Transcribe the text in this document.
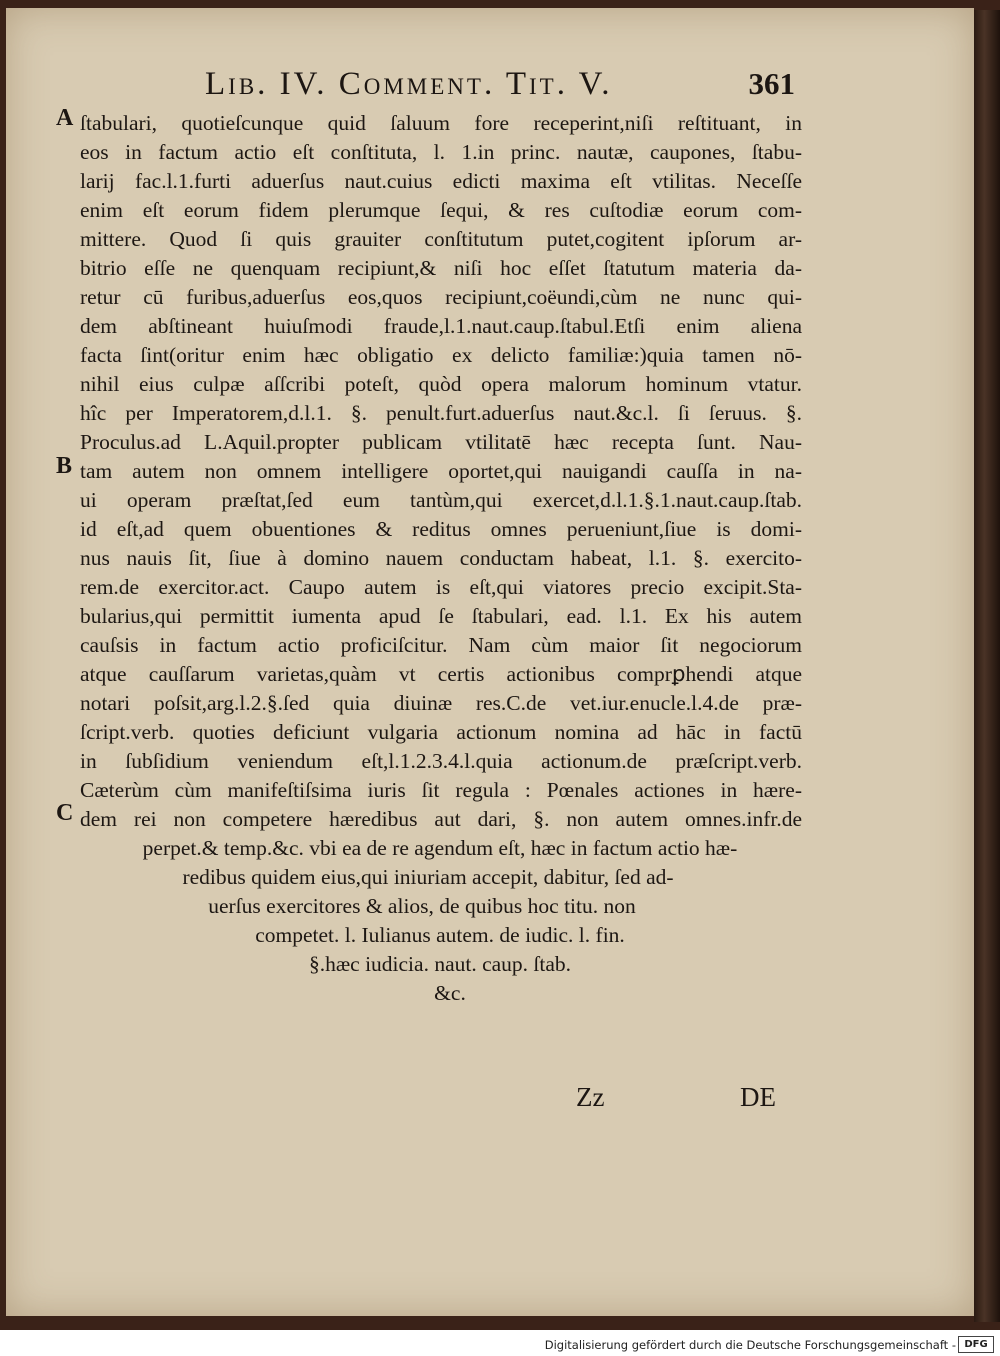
Lib. IV. Comment. Tit. V.	361
A
B
C
ſtabulari, quotieſcunque quid ſaluum fore receperint,niſi reſtituant, in
eos in factum actio eſt conſtituta, l. 1.in princ. nautæ, caupones, ſtabu-
larij fac.l.1.furti aduerſus naut.cuius edicti maxima eſt vtilitas. Neceſſe
enim eſt eorum fidem plerumque ſequi, & res cuſtodiæ eorum com-
mittere. Quod ſi quis grauiter conſtitutum putet,cogitent ipſorum ar-
bitrio eſſe ne quenquam recipiunt,& niſi hoc eſſet ſtatutum materia da-
retur cū furibus,aduerſus eos,quos recipiunt,coëundi,cùm ne nunc qui-
dem abſtineant huiuſmodi fraude,l.1.naut.caup.ſtabul.Etſi enim aliena
facta ſint(oritur enim hæc obligatio ex delicto familiæ:)quia tamen nō-
nihil eius culpæ aſſcribi poteſt, quòd opera malorum hominum vtatur.
hîc per Imperatorem,d.l.1. §. penult.furt.aduerſus naut.&c.l. ſi ſeruus. §.
Proculus.ad L.Aquil.propter publicam vtilitatē hæc recepta ſunt. Nau-
tam autem non omnem intelligere oportet,qui nauigandi cauſſa in na-
ui operam præſtat,ſed eum tantùm,qui exercet,d.l.1.§.1.naut.caup.ſtab.
id eſt,ad quem obuentiones & reditus omnes perueniunt,ſiue is domi-
nus nauis ſit, ſiue à domino nauem conductam habeat, l.1. §. exercito-
rem.de exercitor.act. Caupo autem is eſt,qui viatores precio excipit.Sta-
bularius,qui permittit iumenta apud ſe ſtabulari, ead. l.1. Ex his autem
cauſsis in factum actio proficiſcitur. Nam cùm maior ſit negociorum
atque cauſſarum varietas,quàm vt certis actionibus comprꝑhendi atque
notari poſsit,arg.l.2.§.ſed quia diuinæ res.C.de vet.iur.enucle.l.4.de præ-
ſcript.verb. quoties deficiunt vulgaria actionum nomina ad hāc in factū
in ſubſidium veniendum eſt,l.1.2.3.4.l.quia actionum.de præſcript.verb.
Cæterùm cùm manifeſtiſsima iuris ſit regula : Pœnales actiones in hære-
dem rei non competere hæredibus aut dari, §. non autem omnes.infr.de
perpet.& temp.&c. vbi ea de re agendum eſt, hæc in factum actio hæ-
redibus quidem eius,qui iniuriam accepit, dabitur, ſed ad-
uerſus exercitores & alios, de quibus hoc titu. non
competet. l. Iulianus autem. de iudic. l. fin.
§.hæc iudicia. naut. caup. ſtab.
&c.
Zz	DE
Digitalisierung gefördert durch die Deutsche Forschungsgemeinschaft - DFG
